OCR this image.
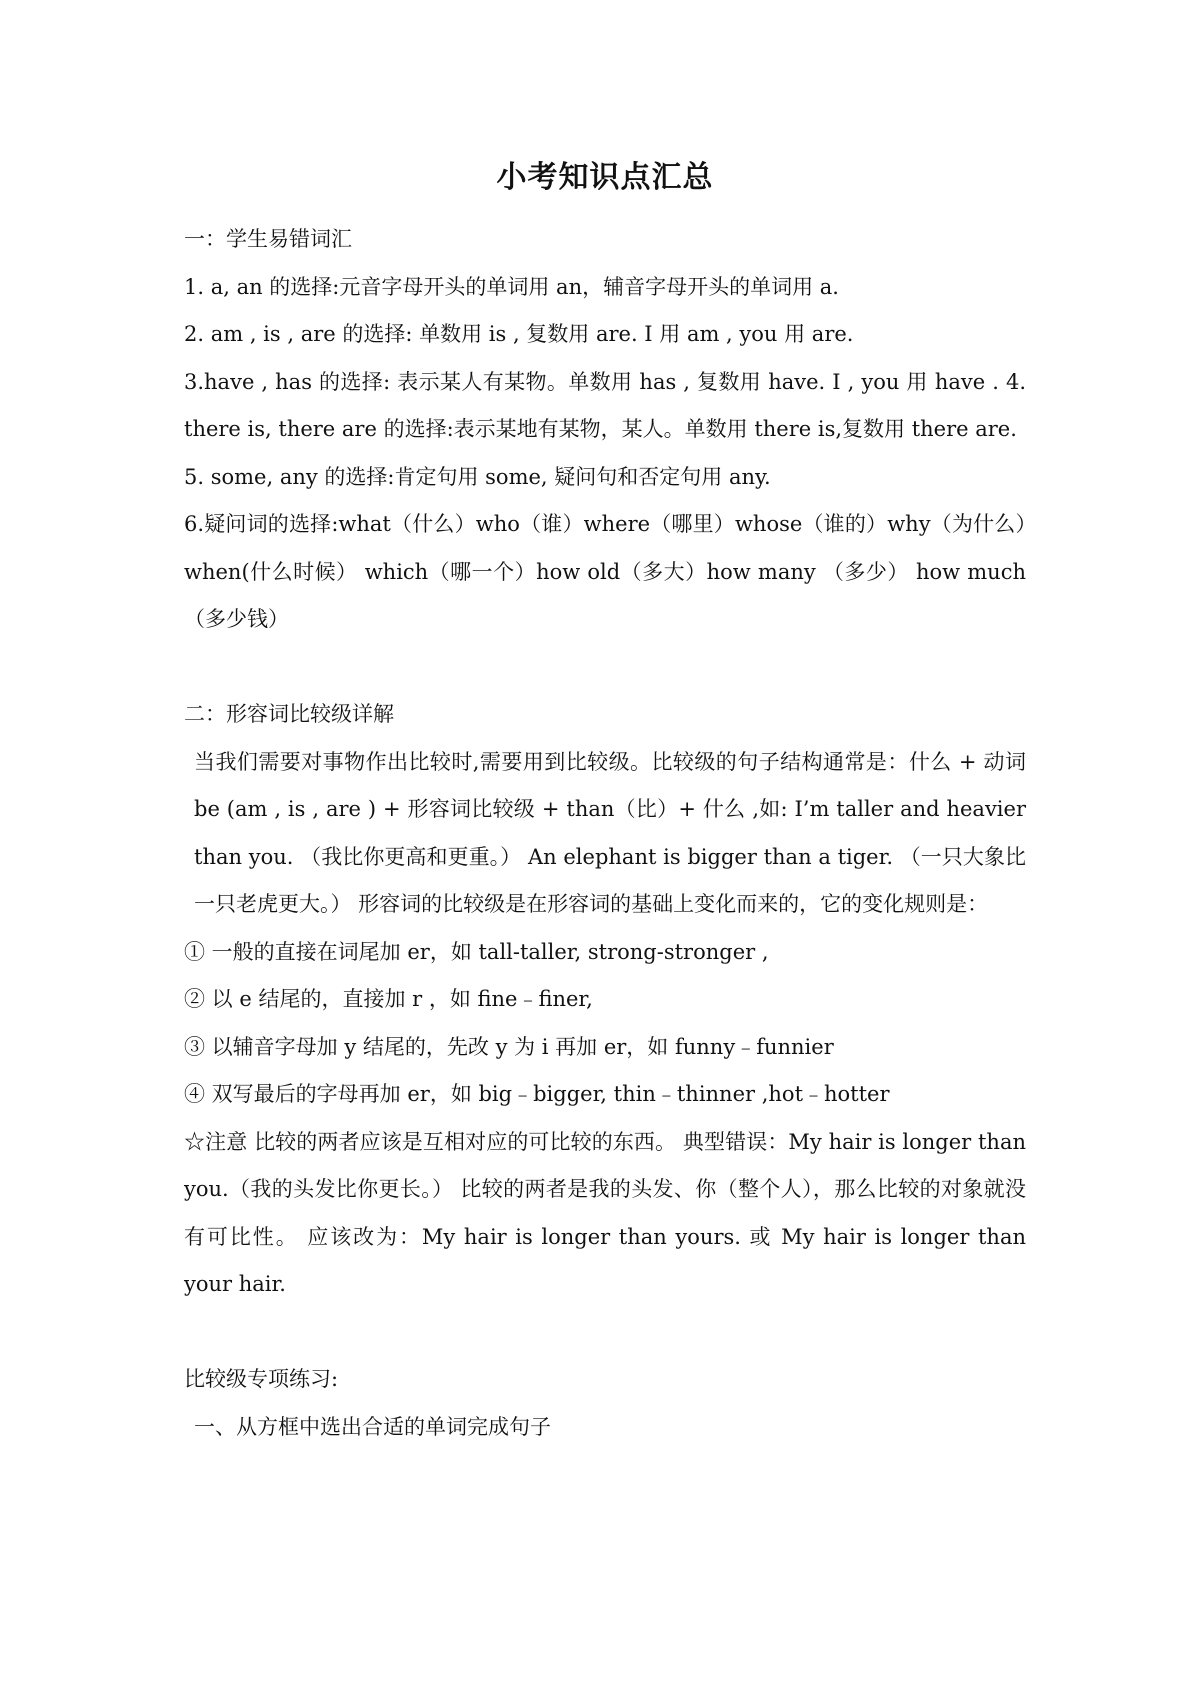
小考知识点汇总

一：学生易错词汇

1. a, an 的选择:元音字母开头的单词用 an，辅音字母开头的单词用 a.

2. am , is , are 的选择: 单数用 is , 复数用 are. I 用 am , you 用 are.

3.have , has 的选择: 表示某人有某物。单数用 has , 复数用 have. I , you 用 have . 4. there is, there are 的选择:表示某地有某物，某人。单数用 there is,复数用 there are.

5. some, any 的选择:肯定句用 some, 疑问句和否定句用 any.

6.疑问词的选择:what（什么）who（谁）where（哪里）whose（谁的）why（为什么）when(什么时候） which（哪一个）how old（多大）how many （多少） how much（多少钱）

二：形容词比较级详解

当我们需要对事物作出比较时,需要用到比较级。比较级的句子结构通常是：什么 + 动词 be (am , is , are ) + 形容词比较级 + than（比）+ 什么 ,如: I’m taller and heavier than you. （我比你更高和更重。） An elephant is bigger than a tiger. （一只大象比一只老虎更大。） 形容词的比较级是在形容词的基础上变化而来的，它的变化规则是：

① 一般的直接在词尾加 er，如 tall-taller, strong-stronger ,

② 以 e 结尾的，直接加 r ，如 fine﹣finer,

③ 以辅音字母加 y 结尾的，先改 y 为 i 再加 er，如 funny﹣funnier

④ 双写最后的字母再加 er，如 big﹣bigger, thin﹣thinner ,hot﹣hotter

☆注意 比较的两者应该是互相对应的可比较的东西。 典型错误：My hair is longer than you.（我的头发比你更长。） 比较的两者是我的头发、你（整个人），那么比较的对象就没有可比性。 应该改为：My hair is longer than yours. 或 My hair is longer than your hair.

比较级专项练习:

一、从方框中选出合适的单词完成句子
